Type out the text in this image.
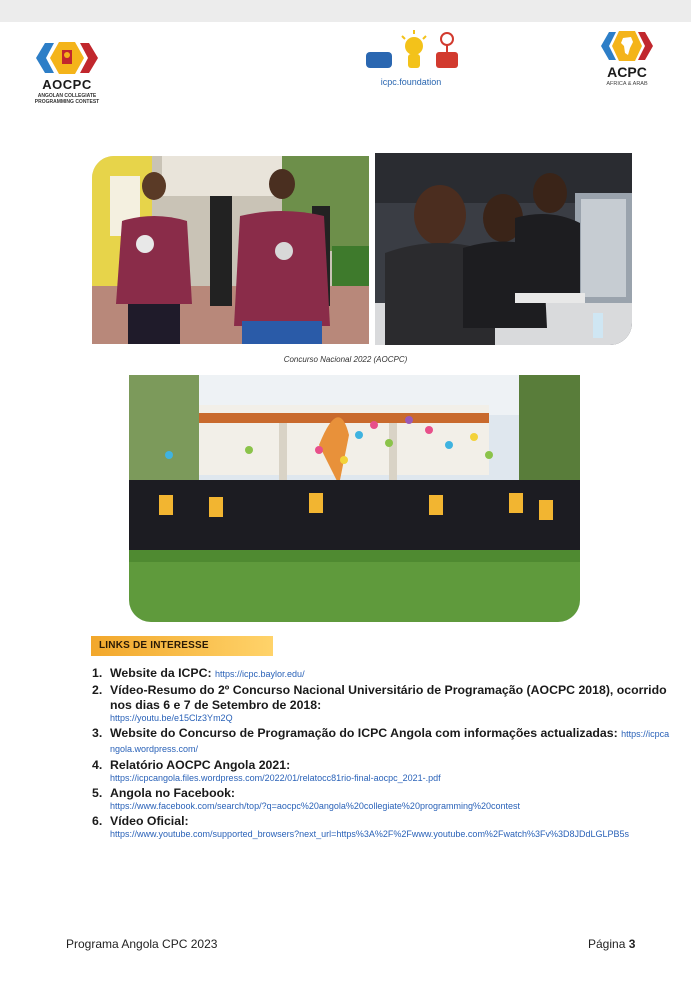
AOCPC
ANGOLAN COLLEGIATE PROGRAMMING CONTEST
icpc.foundation
ACPC
AFRICA & ARAB
Concurso Nacional 2022 (AOCPC)
LINKS DE INTERESSE
Website da ICPC: https://icpc.baylor.edu/
Vídeo-Resumo do 2º Concurso Nacional Universitário de Programação (AOCPC 2018), ocorrido nos dias 6 e 7 de Setembro de 2018:
https://youtu.be/e15Clz3Ym2Q
Website do Concurso de Programação do ICPC Angola com informações actualizadas: https://icpcangola.wordpress.com/
Relatório AOCPC Angola 2021:
https://icpcangola.files.wordpress.com/2022/01/relatocc81rio-final-aocpc_2021-.pdf
Angola no Facebook:
https://www.facebook.com/search/top/?q=aocpc%20angola%20collegiate%20programming%20contest
Vídeo Oficial:
https://www.youtube.com/supported_browsers?next_url=https%3A%2F%2Fwww.youtube.com%2Fwatch%3Fv%3D8JDdLGLPB5s
Programa Angola CPC 2023	Página 3
